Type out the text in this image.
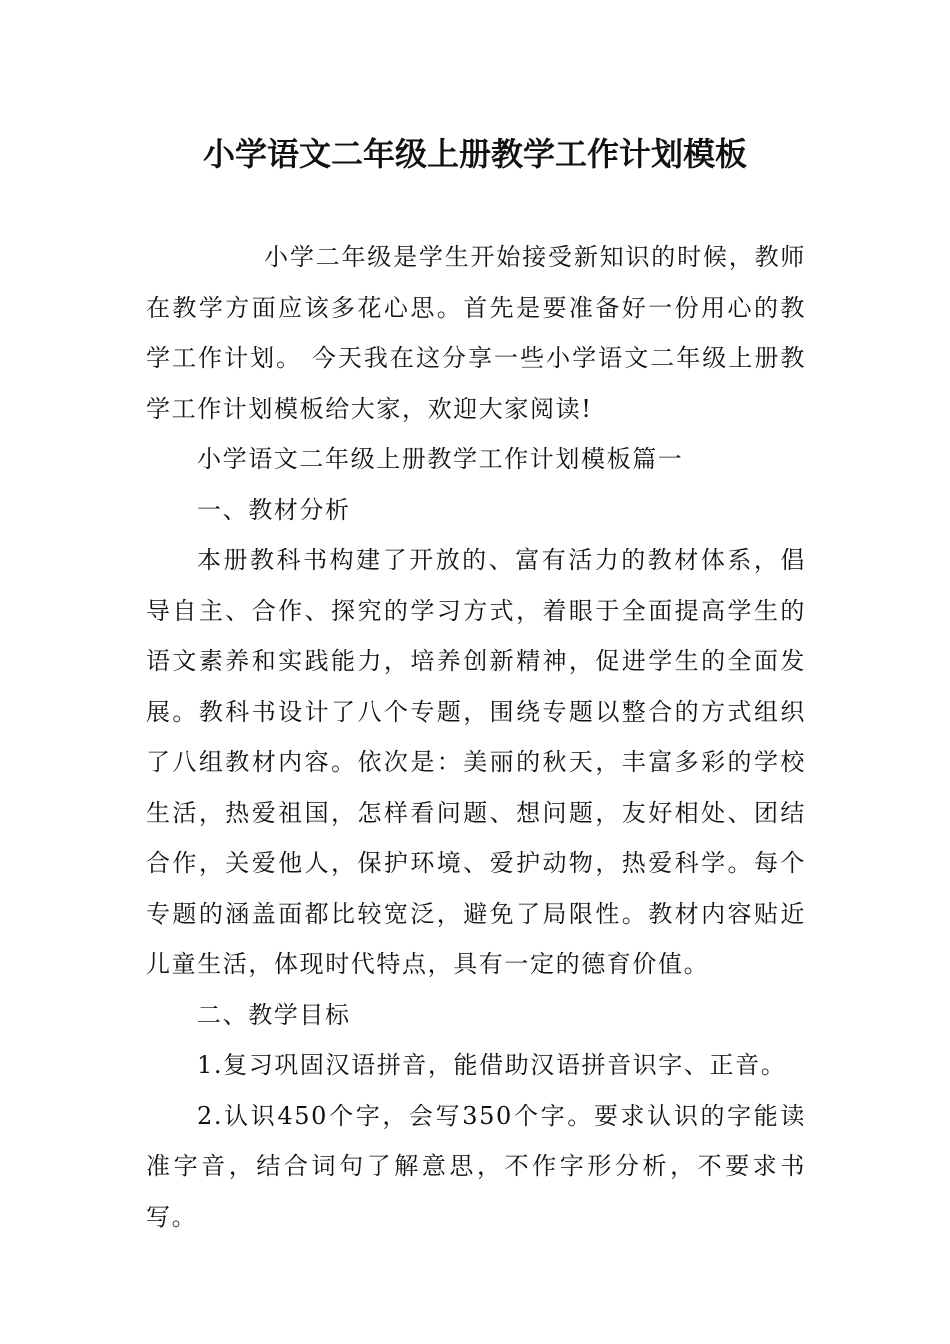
小学语文二年级上册教学工作计划模板

小学二年级是学生开始接受新知识的时候，教师在教学方面应该多花心思。首先是要准备好一份用心的教学工作计划。 今天我在这分享一些小学语文二年级上册教学工作计划模板给大家，欢迎大家阅读!

小学语文二年级上册教学工作计划模板篇一

一、教材分析

本册教科书构建了开放的、富有活力的教材体系，倡导自主、合作、探究的学习方式，着眼于全面提高学生的语文素养和实践能力，培养创新精神，促进学生的全面发展。教科书设计了八个专题，围绕专题以整合的方式组织了八组教材内容。依次是：美丽的秋天，丰富多彩的学校生活，热爱祖国，怎样看问题、想问题，友好相处、团结合作，关爱他人，保护环境、爱护动物，热爱科学。每个专题的涵盖面都比较宽泛，避免了局限性。教材内容贴近儿童生活，体现时代特点，具有一定的德育价值。

二、教学目标

1.复习巩固汉语拼音，能借助汉语拼音识字、正音。

2.认识450个字，会写350个字。要求认识的字能读准字音，结合词句了解意思，不作字形分析，不要求书写。
